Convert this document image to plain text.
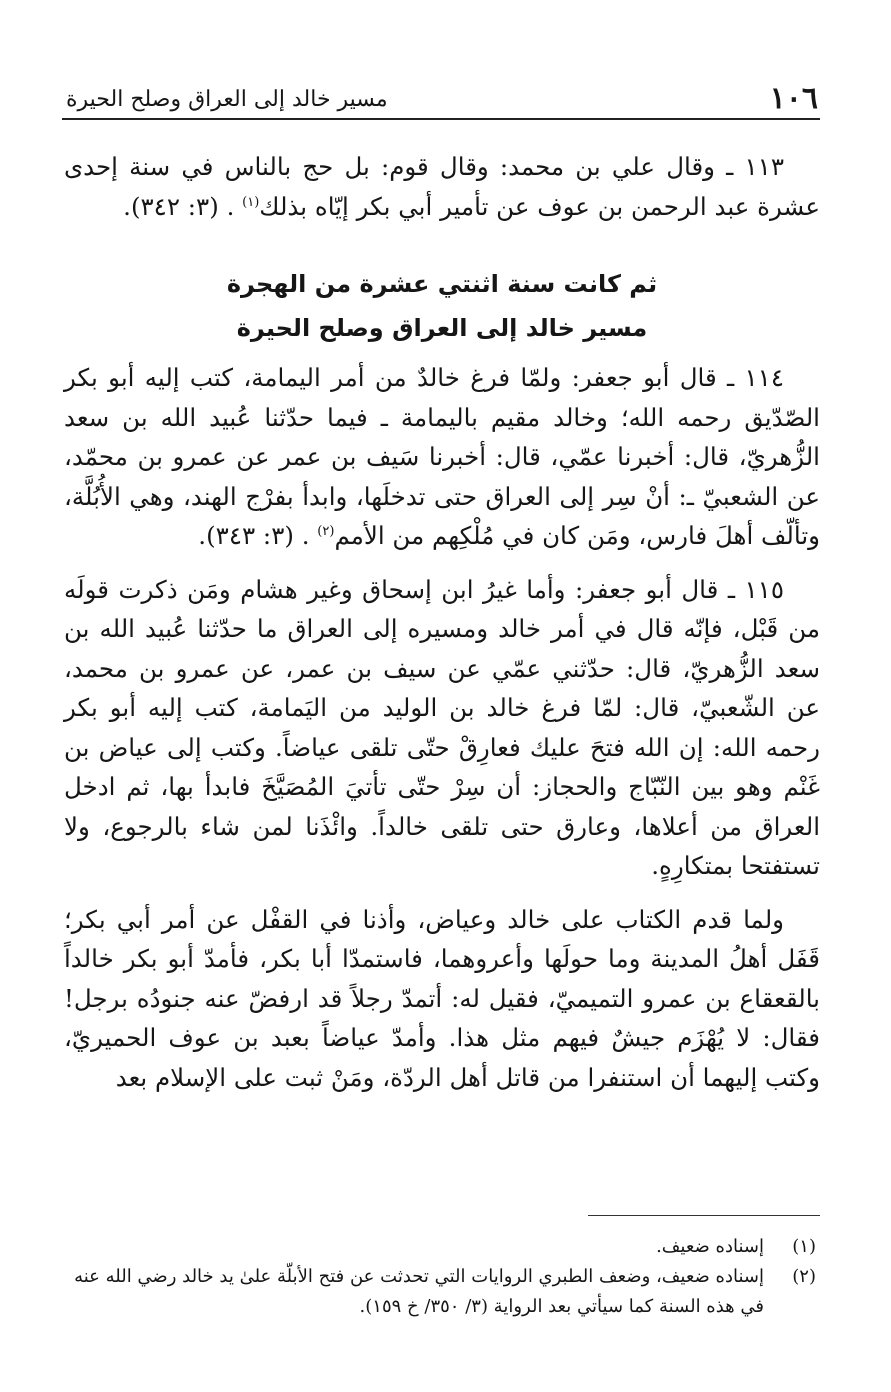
١٠٦
مسير خالد إلى العراق وصلح الحيرة

١١٣ ـ وقال علي بن محمد: وقال قوم: بل حج بالناس في سنة إحدى عشرة عبد الرحمن بن عوف عن تأمير أبي بكر إيّاه بذلك$^{(١)}$ . (٣: ٣٤٢).

ثم كانت سنة اثنتي عشرة من الهجرة
مسير خالد إلى العراق وصلح الحيرة

١١٤ ـ قال أبو جعفر: ولمّا فرغ خالدٌ من أمر اليمامة، كتب إليه أبو بكر الصّدّيق رحمه الله؛ وخالد مقيم باليمامة ـ فيما حدّثنا عُبيد الله بن سعد الزُّهريّ، قال: أخبرنا عمّي، قال: أخبرنا سَيف بن عمر عن عمرو بن محمّد، عن الشعبيّ ـ: أنْ سِر إلى العراق حتى تدخلَها، وابدأ بفرْج الهند، وهي الأُبُلَّة، وتألّف أهلَ فارس، ومَن كان في مُلْكِهم من الأمم$^{(٢)}$ . (٣: ٣٤٣).

١١٥ ـ قال أبو جعفر: وأما غيرُ ابن إسحاق وغير هشام ومَن ذكرت قولَه من قَبْل، فإنّه قال في أمر خالد ومسيره إلى العراق ما حدّثنا عُبيد الله بن سعد الزُّهريّ، قال: حدّثني عمّي عن سيف بن عمر، عن عمرو بن محمد، عن الشّعبيّ، قال: لمّا فرغ خالد بن الوليد من اليَمامة، كتب إليه أبو بكر رحمه الله: إن الله فتحَ عليك فعارِقْ حتّى تلقى عياضاً. وكتب إلى عياض بن غَنْم وهو بين النّبّاج والحجاز: أن سِرْ حتّى تأتيَ المُصَيَّخَ فابدأ بها، ثم ادخل العراق من أعلاها، وعارق حتى تلقى خالداً. وائْذَنا لمن شاء بالرجوع، ولا تستفتحا بمتكارِهٍ.

ولما قدم الكتاب على خالد وعياض، وأذنا في القفْل عن أمر أبي بكر؛ قَفَل أهلُ المدينة وما حولَها وأعروهما، فاستمدّا أبا بكر، فأمدّ أبو بكر خالداً بالقعقاع بن عمرو التميميّ، فقيل له: أتمدّ رجلاً قد ارفضّ عنه جنودُه برجل! فقال: لا يُهْزَم جيشٌ فيهم مثل هذا. وأمدّ عياضاً بعبد بن عوف الحميريّ، وكتب إليهما أن استنفرا من قاتل أهل الردّة، ومَنْ ثبت على الإسلام بعد

(١)
إسناده ضعيف.
(٢)
إسناده ضعيف، وضعف الطبري الروايات التي تحدثت عن فتح الأبلّة علىٰ يد خالد رضي الله عنه في هذه السنة كما سيأتي بعد الرواية (٣/ ٣٥٠/ خ ١٥٩).
